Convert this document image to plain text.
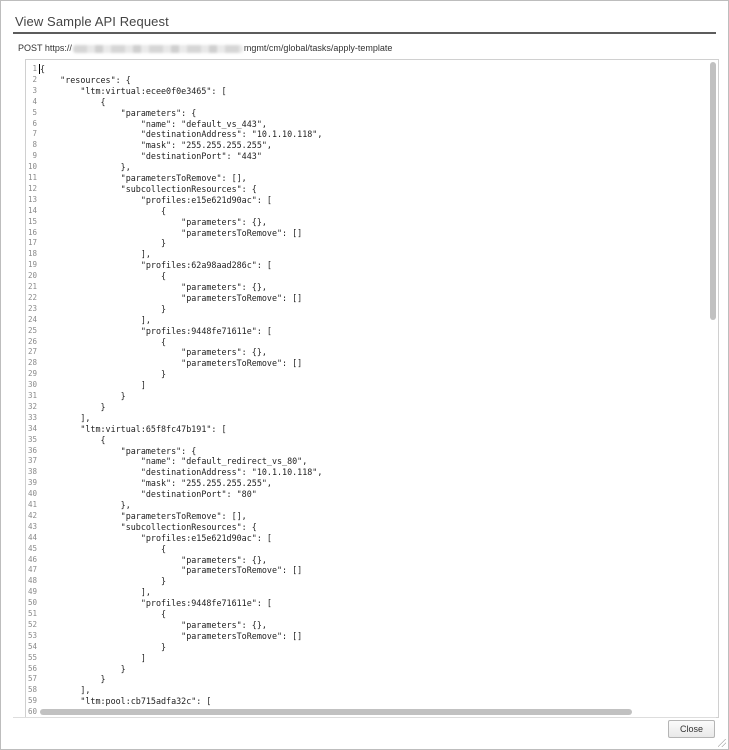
View Sample API Request
POST https://	mgmt/cm/global/tasks/apply-template
1
2
3
4
5
6
7
8
9
10
11
12
13
14
15
16
17
18
19
20
21
22
23
24
25
26
27
28
29
30
31
32
33
34
35
36
37
38
39
40
41
42
43
44
45
46
47
48
49
50
51
52
53
54
55
56
57
58
59
60
{
"resources": {
"ltm:virtual:ecee0f0e3465": [
{
"parameters": {
"name": "default_vs_443",
"destinationAddress": "10.1.10.118",
"mask": "255.255.255.255",
"destinationPort": "443"
},
"parametersToRemove": [],
"subcollectionResources": {
"profiles:e15e621d90ac": [
{
"parameters": {},
"parametersToRemove": []
}
],
"profiles:62a98aad286c": [
{
"parameters": {},
"parametersToRemove": []
}
],
"profiles:9448fe71611e": [
{
"parameters": {},
"parametersToRemove": []
}
]
}
}
],
"ltm:virtual:65f8fc47b191": [
{
"parameters": {
"name": "default_redirect_vs_80",
"destinationAddress": "10.1.10.118",
"mask": "255.255.255.255",
"destinationPort": "80"
},
"parametersToRemove": [],
"subcollectionResources": {
"profiles:e15e621d90ac": [
{
"parameters": {},
"parametersToRemove": []
}
],
"profiles:9448fe71611e": [
{
"parameters": {},
"parametersToRemove": []
}
]
}
}
],
"ltm:pool:cb715adfa32c": [
Close
